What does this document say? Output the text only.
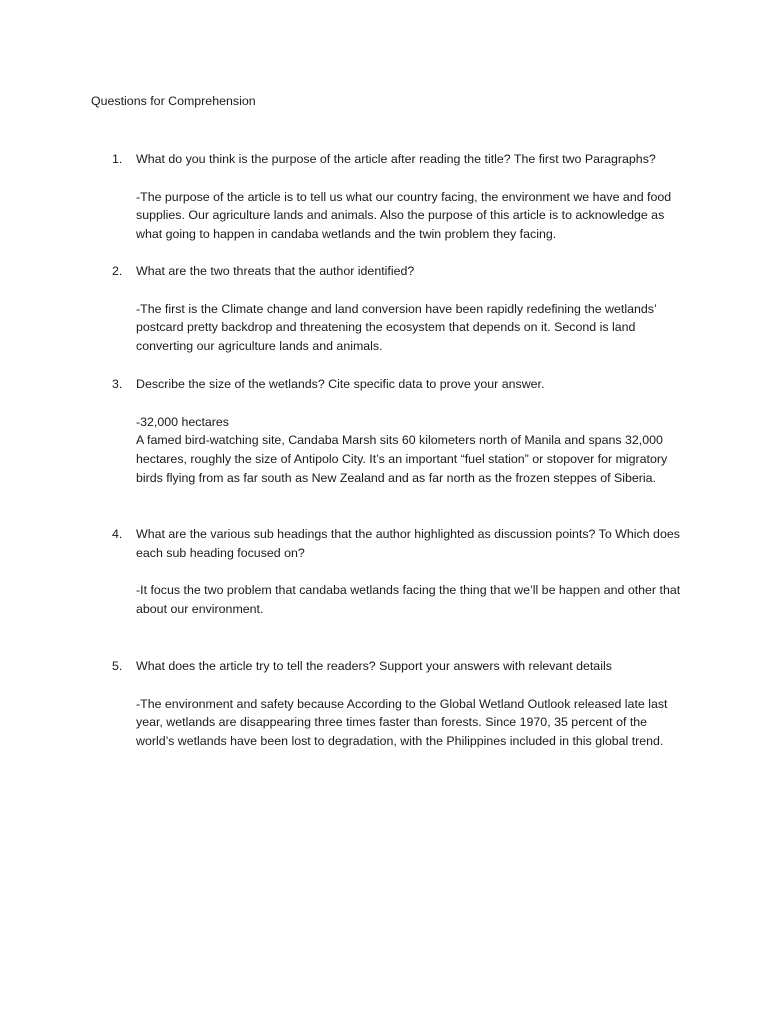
Questions for Comprehension
1.	What do you think is the purpose of the article after reading the title? The first two Paragraphs?

-The purpose of the article is to tell us what our country facing, the environment we have and food supplies. Our agriculture lands and animals. Also the purpose of this article is to acknowledge as what going to happen in candaba wetlands and the twin problem they facing.

2.	What are the two threats that the author identified?

-The first is the Climate change and land conversion have been rapidly redefining the wetlands’ postcard pretty backdrop and threatening the ecosystem that depends on it. Second is land converting our agriculture lands and animals.

3.	Describe the size of the wetlands? Cite specific data to prove your answer.

-32,000 hectares

A famed bird-watching site, Candaba Marsh sits 60 kilometers north of Manila and spans 32,000 hectares, roughly the size of Antipolo City. It’s an important “fuel station” or stopover for migratory birds flying from as far south as New Zealand and as far north as the frozen steppes of Siberia.

4.	What are the various sub headings that the author highlighted as discussion points? To Which does each sub heading focused on?

-It focus the two problem that candaba wetlands facing the thing that we’ll be happen and other that about our environment.

5.	What does the article try to tell the readers? Support your answers with relevant details

-The environment and safety because According to the Global Wetland Outlook released late last year, wetlands are disappearing three times faster than forests. Since 1970, 35 percent of the world’s wetlands have been lost to degradation, with the Philippines included in this global trend.
